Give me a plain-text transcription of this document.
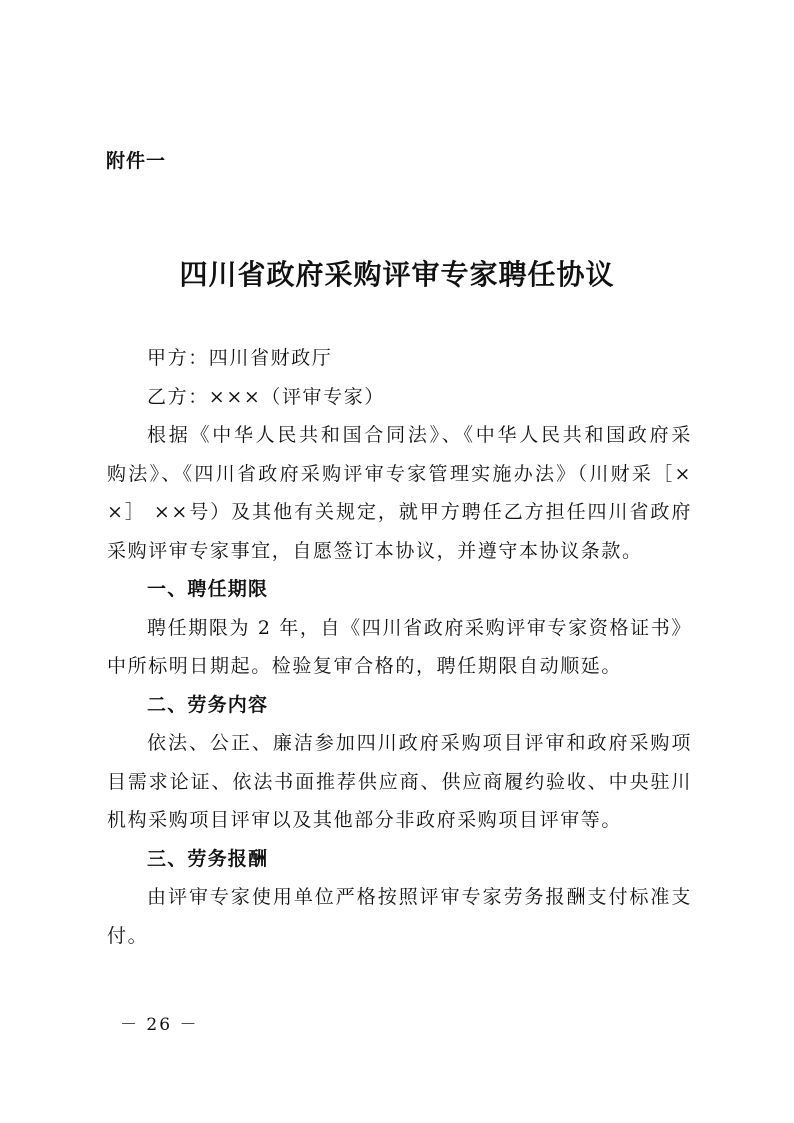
附件一

四川省政府采购评审专家聘任协议
甲方：四川省财政厅
乙方：×××（评审专家）
根据《中华人民共和国合同法》、《中华人民共和国政府采
购法》、《四川省政府采购评审专家管理实施办法》（川财采［×
×］ ××号）及其他有关规定，就甲方聘任乙方担任四川省政府
采购评审专家事宜，自愿签订本协议，并遵守本协议条款。
一、聘任期限
聘任期限为 2 年，自《四川省政府采购评审专家资格证书》
中所标明日期起。检验复审合格的，聘任期限自动顺延。
二、劳务内容
依法、公正、廉洁参加四川政府采购项目评审和政府采购项
目需求论证、依法书面推荐供应商、供应商履约验收、中央驻川
机构采购项目评审以及其他部分非政府采购项目评审等。
三、劳务报酬
由评审专家使用单位严格按照评审专家劳务报酬支付标准支
付。

－ 26 －
